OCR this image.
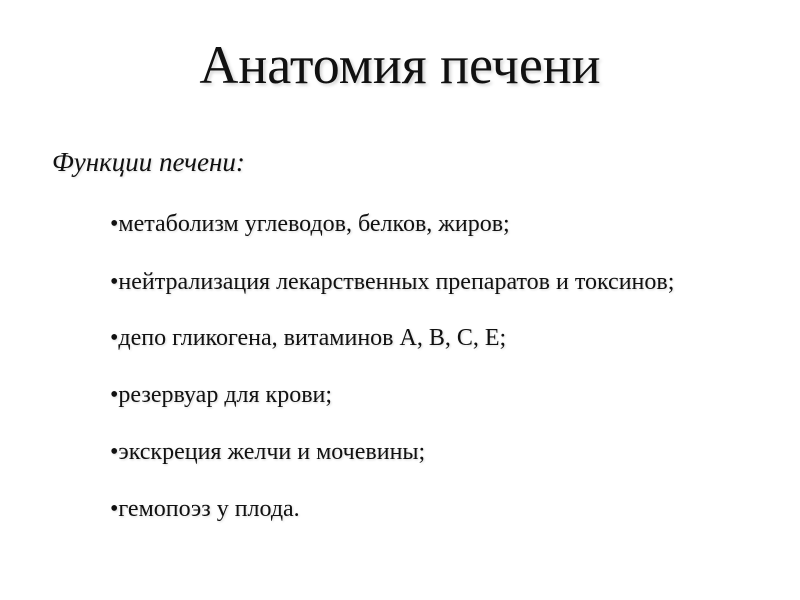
Анатомия печени
Функции печени:
•метаболизм углеводов, белков, жиров;
•нейтрализация лекарственных препаратов и токсинов;
•депо гликогена, витаминов А, В, С, Е;
•резервуар для крови;
•экскреция желчи и мочевины;
•гемопоэз у плода.
